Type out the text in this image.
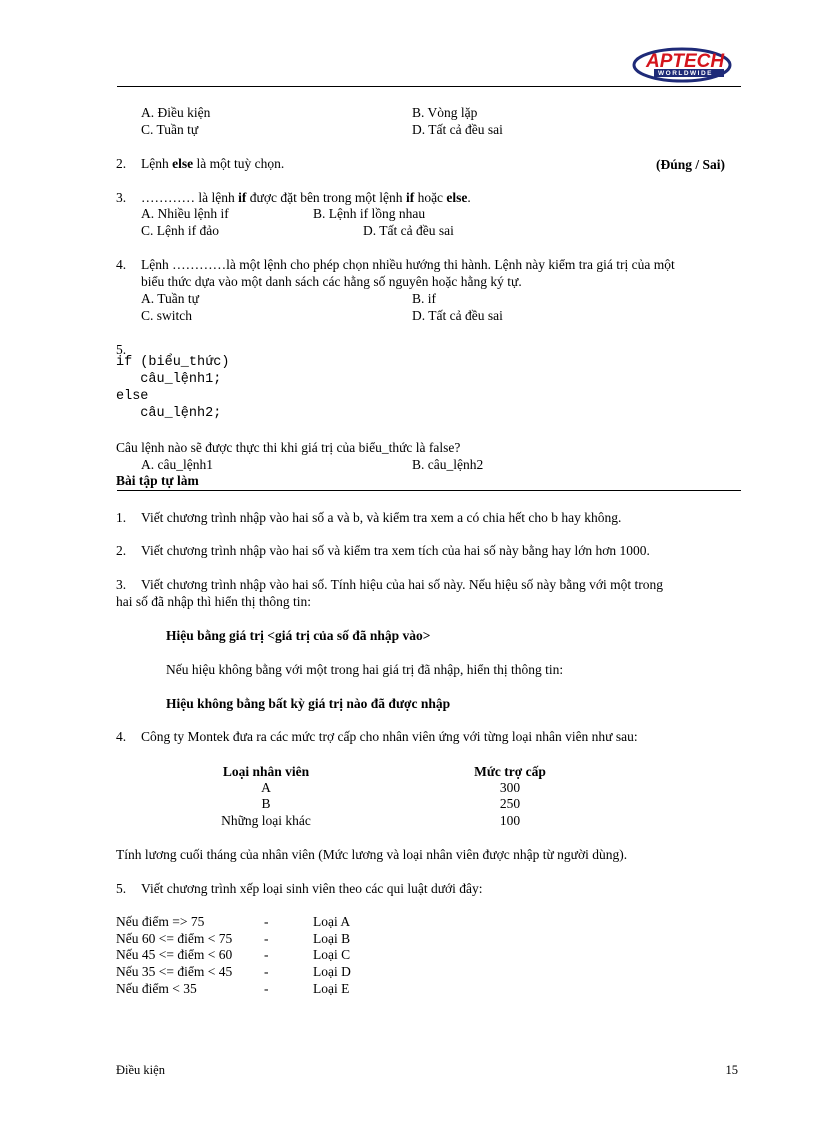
APTECH
WORLDWIDE
A. Điều kiện	B. Vòng lặp
C. Tuần tự	D. Tất cả đều sai
2. Lệnh else là một tuỳ chọn.	(Đúng / Sai)
3. ………… là lệnh if được đặt bên trong một lệnh if hoặc else.
A. Nhiều lệnh if	B. Lệnh if lồng nhau
C. Lệnh if đảo	D. Tất cả đều sai
4. Lệnh …………là một lệnh cho phép chọn nhiều hướng thi hành. Lệnh này kiểm tra giá trị của một
biểu thức dựa vào một danh sách các hằng số nguyên hoặc hằng ký tự.
A. Tuần tự	B. if
C. switch	D. Tất cả đều sai
5.
if (biểu_thức)
câu_lệnh1;
else
câu_lệnh2;
Câu lệnh nào sẽ được thực thi khi giá trị của biểu_thức là false?
A. câu_lệnh1	B. câu_lệnh2
Bài tập tự làm
1. Viết chương trình nhập vào hai số a và b, và kiểm tra xem a có chia hết cho b hay không.
2. Viết chương trình nhập vào hai số và kiểm tra xem tích của hai số này bằng hay lớn hơn 1000.
3. Viết chương trình nhập vào hai số. Tính hiệu của hai số này. Nếu hiệu số này bằng với một trong
hai số đã nhập thì hiển thị thông tin:
Hiệu bằng giá trị <giá trị của số đã nhập vào>
Nếu hiệu không bằng với một trong hai giá trị đã nhập, hiển thị thông tin:
Hiệu không bằng bất kỳ giá trị nào đã được nhập
4. Công ty Montek đưa ra các mức trợ cấp cho nhân viên ứng với từng loại nhân viên như sau:
Loại nhân viên	Mức trợ cấp
A	300
B	250
Những loại khác	100
Tính lương cuối tháng của nhân viên (Mức lương và loại nhân viên được nhập từ người dùng).
5. Viết chương trình xếp loại sinh viên theo các qui luật dưới đây:
Nếu điểm => 75	-	Loại A
Nếu 60 <= điểm < 75 -	Loại B
Nếu 45 <= điểm < 60 -	Loại C
Nếu 35 <= điểm < 45 -	Loại D
Nếu điểm < 35	-	Loại E
Điều kiện	15
